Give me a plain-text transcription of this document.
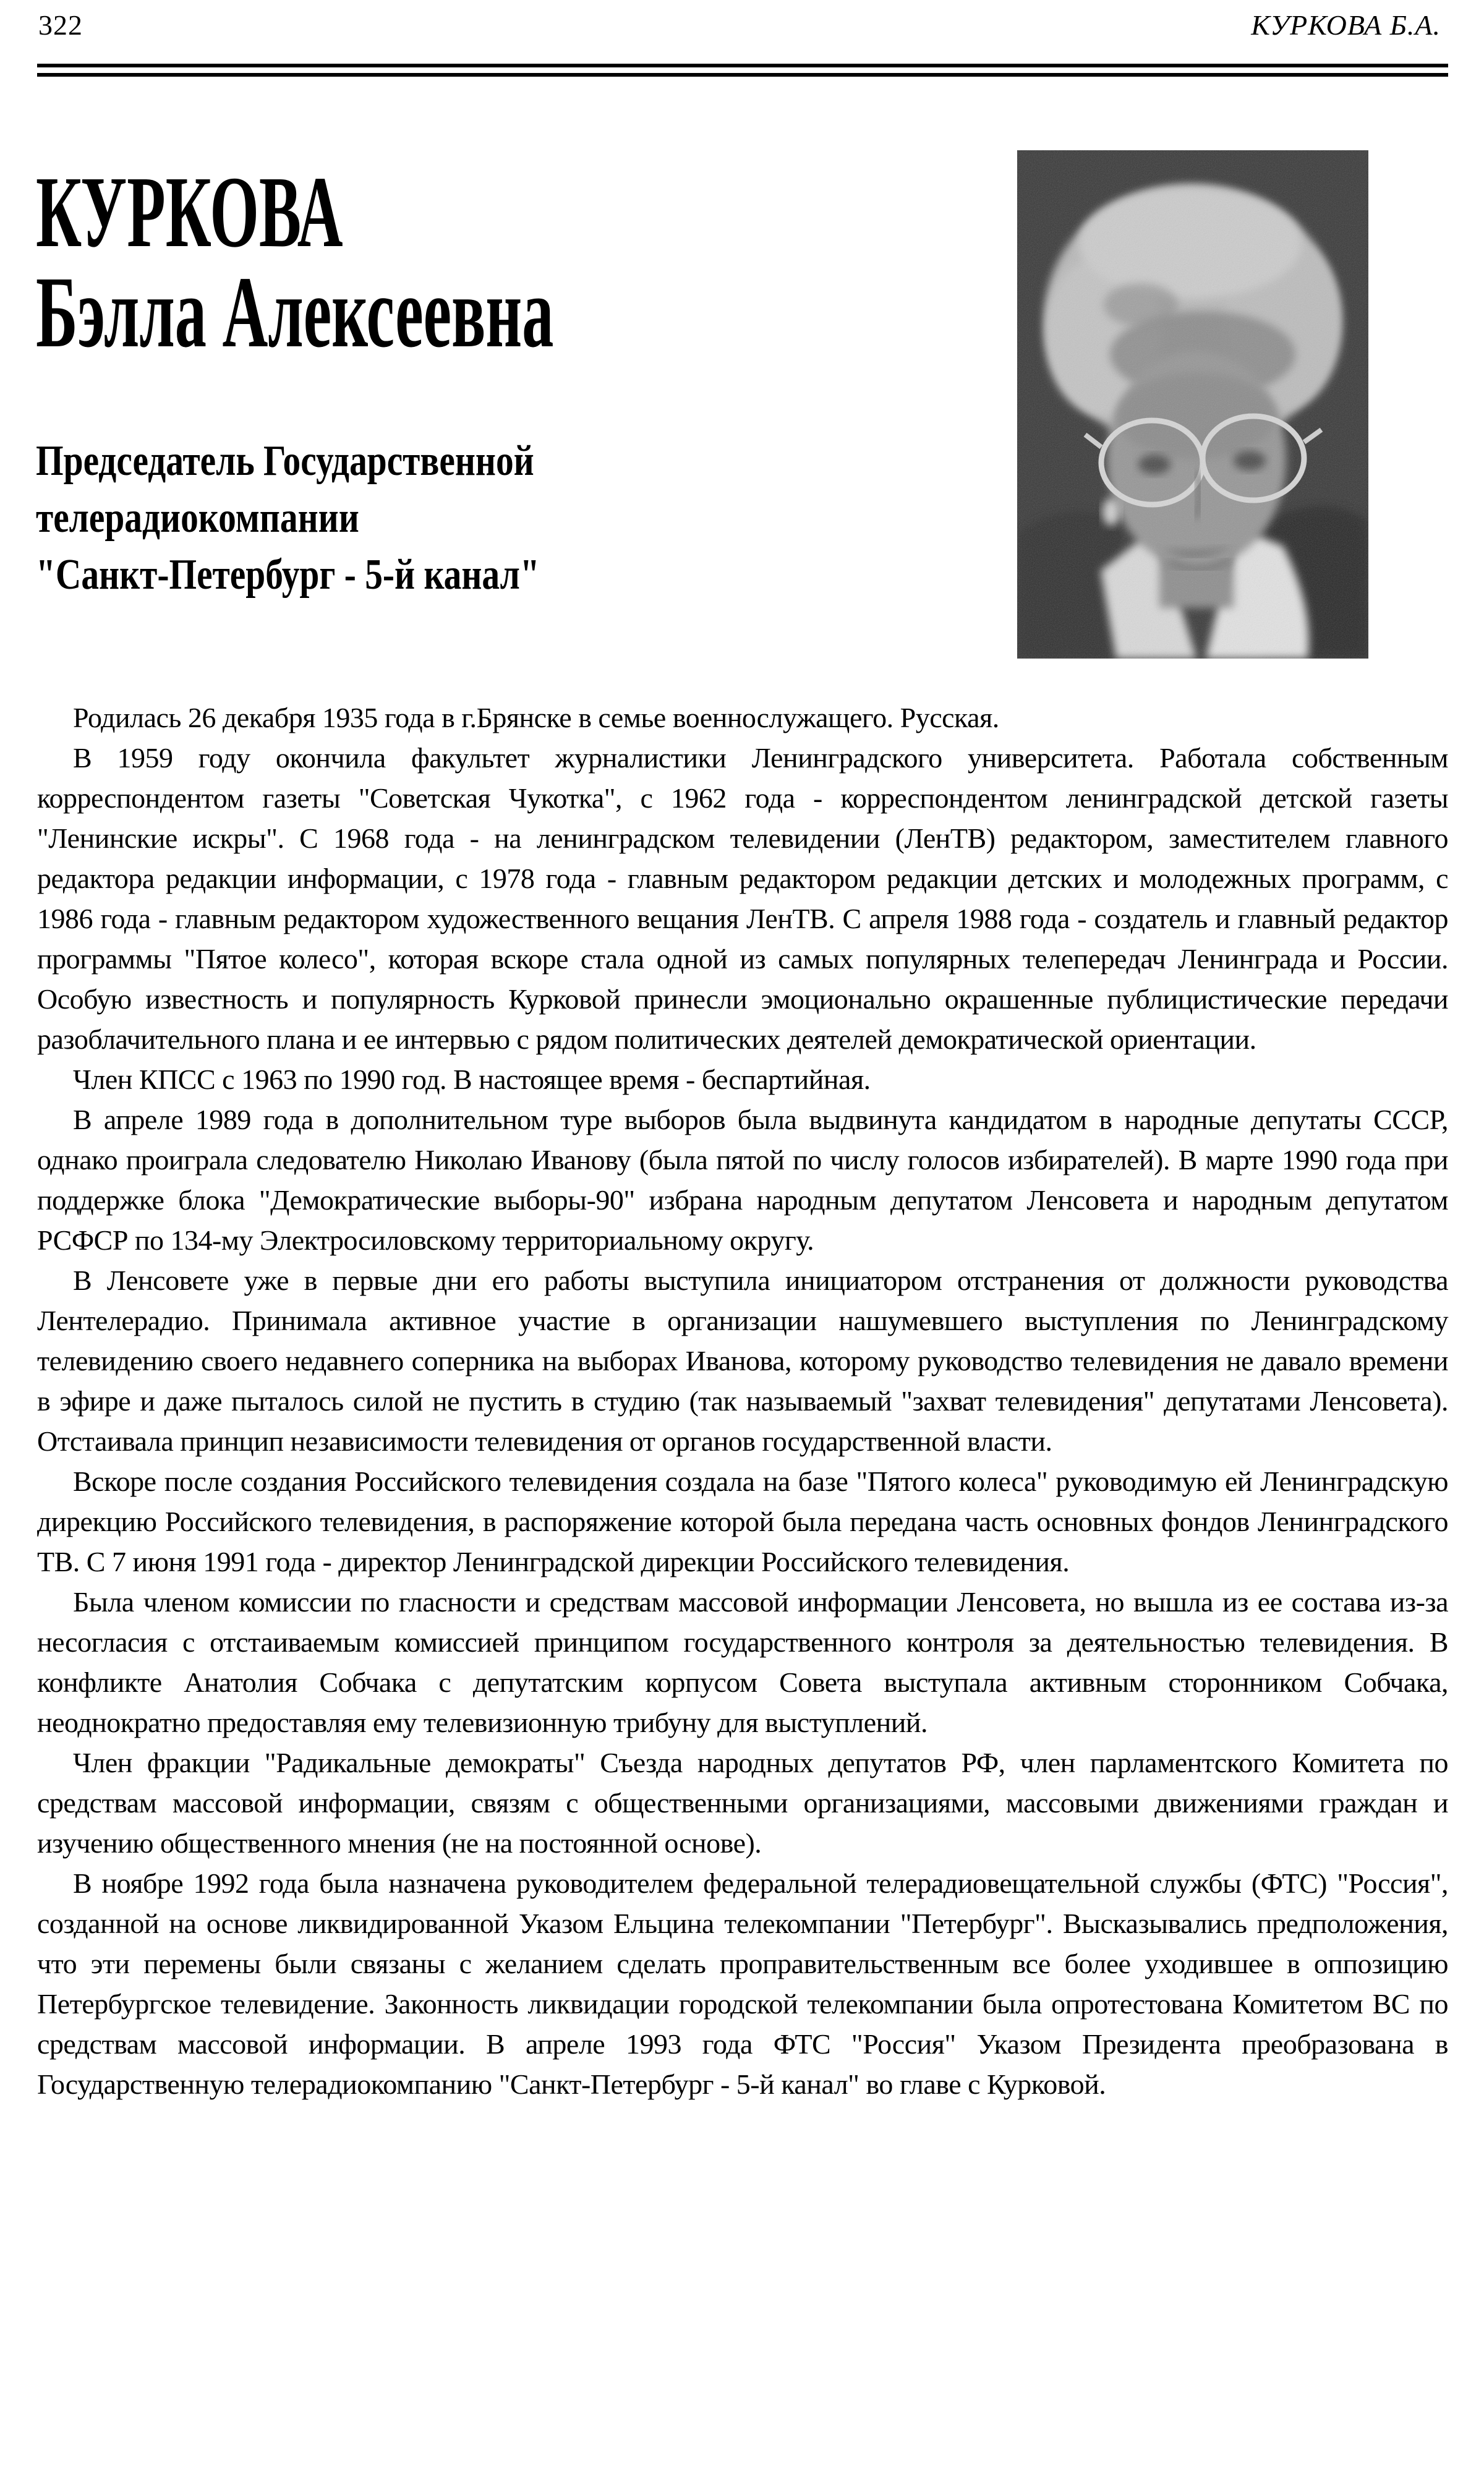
322	КУРКОВА Б.А.
КУРКОВА
Бэлла Алексеевна
Председатель Государственной
телерадиокомпании
"Санкт-Петербург - 5-й канал"

Родилась 26 декабря 1935 года в г.Брянске в семье военнослужащего. Русская.

В 1959 году окончила факультет журналистики Ленинградского университета. Работала собственным корреспондентом газеты "Советская Чукотка", с 1962 года - корреспондентом ленинградской детской газеты "Ленинские искры". С 1968 года - на ленинградском телевидении (ЛенТВ) редактором, заместителем главного редактора редакции информации, с 1978 года - главным редактором редакции детских и молодежных программ, с 1986 года - главным редактором художественного вещания ЛенТВ. С апреля 1988 года - создатель и главный редактор программы "Пятое колесо", которая вскоре стала одной из самых популярных телепередач Ленинграда и России. Особую известность и популярность Курковой принесли эмоционально окрашенные публицистические передачи разоблачительного плана и ее интервью с рядом политических деятелей демократической ориентации.

Член КПСС с 1963 по 1990 год. В настоящее время - беспартийная.

В апреле 1989 года в дополнительном туре выборов была выдвинута кандидатом в народные депутаты СССР, однако проиграла следователю Николаю Иванову (была пятой по числу голосов избирателей). В марте 1990 года при поддержке блока "Демократические выборы-90" избрана народным депутатом Ленсовета и народным депутатом РСФСР по 134-му Электросиловскому территориальному округу.

В Ленсовете уже в первые дни его работы выступила инициатором отстранения от должности руководства Лентелерадио. Принимала активное участие в организации нашумевшего выступления по Ленинградскому телевидению своего недавнего соперника на выборах Иванова, которому руководство телевидения не давало времени в эфире и даже пыталось силой не пустить в студию (так называемый "захват телевидения" депутатами Ленсовета). Отстаивала принцип независимости телевидения от органов государственной власти.

Вскоре после создания Российского телевидения создала на базе "Пятого колеса" руководимую ей Ленинградскую дирекцию Российского телевидения, в распоряжение которой была передана часть основных фондов Ленинградского ТВ. С 7 июня 1991 года - директор Ленинградской дирекции Российского телевидения.

Была членом комиссии по гласности и средствам массовой информации Ленсовета, но вышла из ее состава из-за несогласия с отстаиваемым комиссией принципом государственного контроля за деятельностью телевидения. В конфликте Анатолия Собчака с депутатским корпусом Совета выступала активным сторонником Собчака, неоднократно предоставляя ему телевизионную трибуну для выступлений.

Член фракции "Радикальные демократы" Съезда народных депутатов РФ, член парламентского Комитета по средствам массовой информации, связям с общественными организациями, массовыми движениями граждан и изучению общественного мнения (не на постоянной основе).

В ноябре 1992 года была назначена руководителем федеральной телерадиовещательной службы (ФТС) "Россия", созданной на основе ликвидированной Указом Ельцина телекомпании "Петербург". Высказывались предположения, что эти перемены были связаны с желанием сделать проправительственным все более уходившее в оппозицию Петербургское телевидение. Законность ликвидации городской телекомпании была опротестована Комитетом ВС по средствам массовой информации. В апреле 1993 года ФТС "Россия" Указом Президента преобразована в Государственную телерадиокомпанию "Санкт-Петербург - 5-й канал" во главе с Курковой.
